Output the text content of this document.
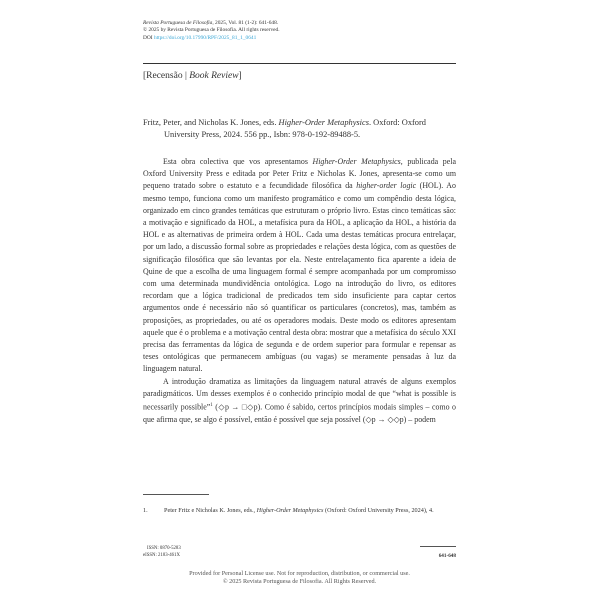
Revista Portuguesa de Filosofia, 2025, Vol. 81 (1-2): 641-648.
© 2025 by Revista Portuguesa de Filosofia. All rights reserved.
DOI https://doi.org/10.17990/RPF/2025_81_1_0641
[Recensão | Book Review]
Fritz, Peter, and Nicholas K. Jones, eds. Higher-Order Metaphysics. Oxford: Oxford
University Press, 2024. 556 pp., Isbn: 978-0-192-89488-5.

Esta obra colectiva que vos apresentamos Higher-Order Metaphysics, publicada pela Oxford University Press e editada por Peter Fritz e Nicholas K. Jones, apresenta-se como um pequeno tratado sobre o estatuto e a fecundidade filosófica da higher-order logic (HOL). Ao mesmo tempo, funciona como um manifesto programático e como um compêndio desta lógica, organizado em cinco grandes temáticas que estruturam o próprio livro. Estas cinco temáticas são: a motivação e significado da HOL, a metafísica pura da HOL, a aplicação da HOL, a história da HOL e as alternativas de primeira ordem à HOL. Cada uma destas temáticas procura entrelaçar, por um lado, a discussão formal sobre as propriedades e relações desta lógica, com as questões de significação filosófica que são levantas por ela. Neste entrelaçamento fica aparente a ideia de Quine de que a escolha de uma linguagem formal é sempre acompanhada por um compromisso com uma determinada mundividência ontológica. Logo na introdução do livro, os editores recordam que a lógica tradicional de predicados tem sido insuficiente para captar certos argumentos onde é necessário não só quantificar os particulares (concretos), mas, também as proposições, as propriedades, ou até os operadores modais. Deste modo os editores apresentam aquele que é o problema e a motivação central desta obra: mostrar que a metafísica do século XXI precisa das ferramentas da lógica de segunda e de ordem superior para formular e repensar as teses ontológicas que permanecem ambíguas (ou vagas) se meramente pensadas à luz da linguagem natural.

A introdução dramatiza as limitações da linguagem natural através de alguns exemplos paradigmáticos. Um desses exemplos é o conhecido princípio modal de que “what is possible is necessarily possible”$^1$ (◇p → □◇p). Como é sabido, certos princípios modais simples – como o que afirma que, se algo é possível, então é possível que seja possível (◇p → ◇◇p) – podem

1.	Peter Fritz e Nicholas K. Jones, eds., Higher-Order Metaphysics (Oxford: Oxford University Press, 2024), 4.
ISSN: 0870-5283
eISSN: 2183-461X	641-648
Provided for Personal License use. Not for reproduction, distribution, or commercial use.
© 2025 Revista Portuguesa de Filosofia. All Rights Reserved.
